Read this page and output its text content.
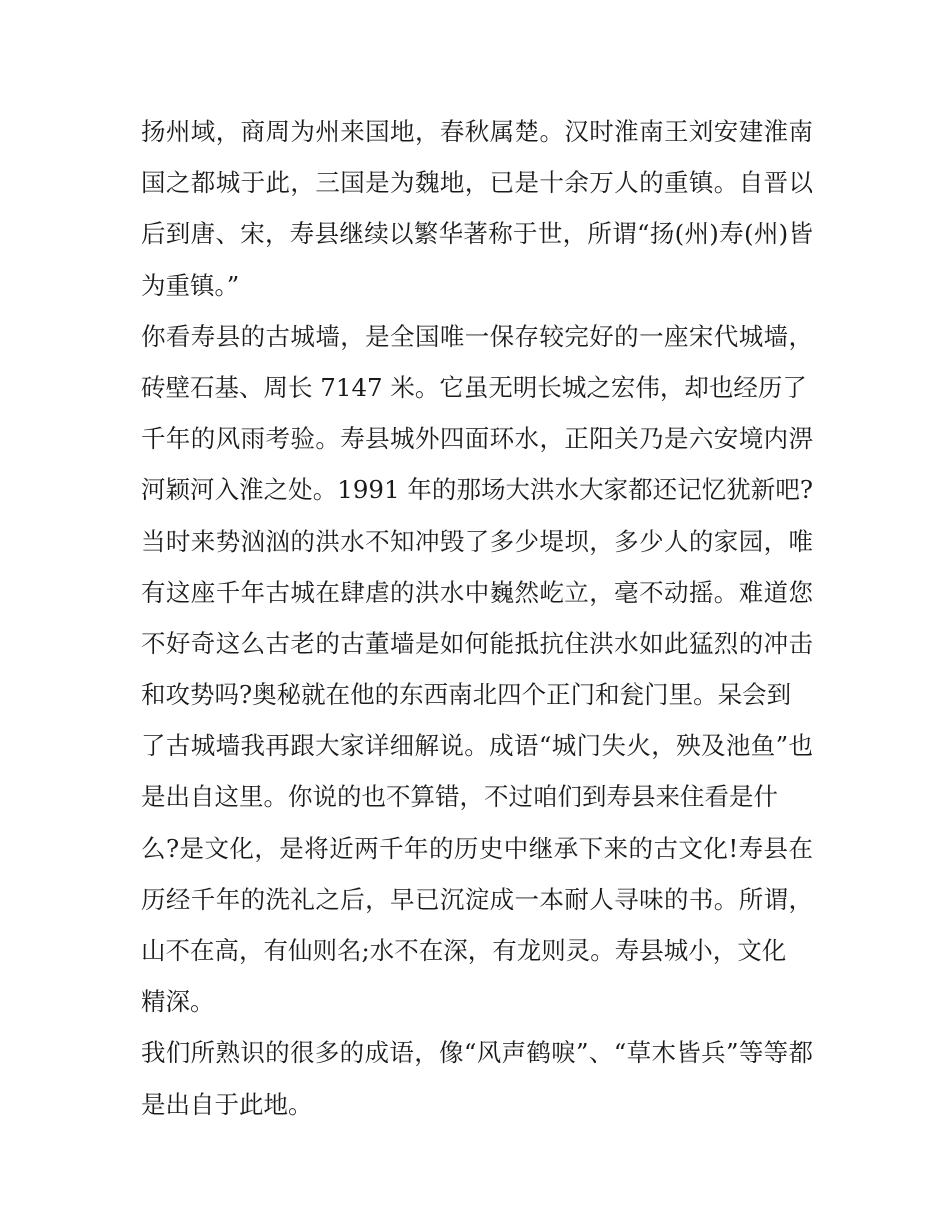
扬州域，商周为州来国地，春秋属楚。汉时淮南王刘安建淮南
国之都城于此，三国是为魏地，已是十余万人的重镇。自晋以
后到唐、宋，寿县继续以繁华著称于世，所谓“扬(州)寿(州)皆
为重镇。”
你看寿县的古城墙，是全国唯一保存较完好的一座宋代城墙，
砖壁石基、周长 7147 米。它虽无明长城之宏伟，却也经历了
千年的风雨考验。寿县城外四面环水，正阳关乃是六安境内淠
河颖河入淮之处。1991 年的那场大洪水大家都还记忆犹新吧?
当时来势汹汹的洪水不知冲毁了多少堤坝，多少人的家园，唯
有这座千年古城在肆虐的洪水中巍然屹立，毫不动摇。难道您
不好奇这么古老的古董墙是如何能抵抗住洪水如此猛烈的冲击
和攻势吗?奥秘就在他的东西南北四个正门和瓮门里。呆会到
了古城墙我再跟大家详细解说。成语“城门失火，殃及池鱼”也
是出自这里。你说的也不算错，不过咱们到寿县来住看是什
么?是文化，是将近两千年的历史中继承下来的古文化!寿县在
历经千年的洗礼之后，早已沉淀成一本耐人寻味的书。所谓，
山不在高，有仙则名;水不在深，有龙则灵。寿县城小，文化
精深。
我们所熟识的很多的成语，像“风声鹤唳”、“草木皆兵”等等都
是出自于此地。
